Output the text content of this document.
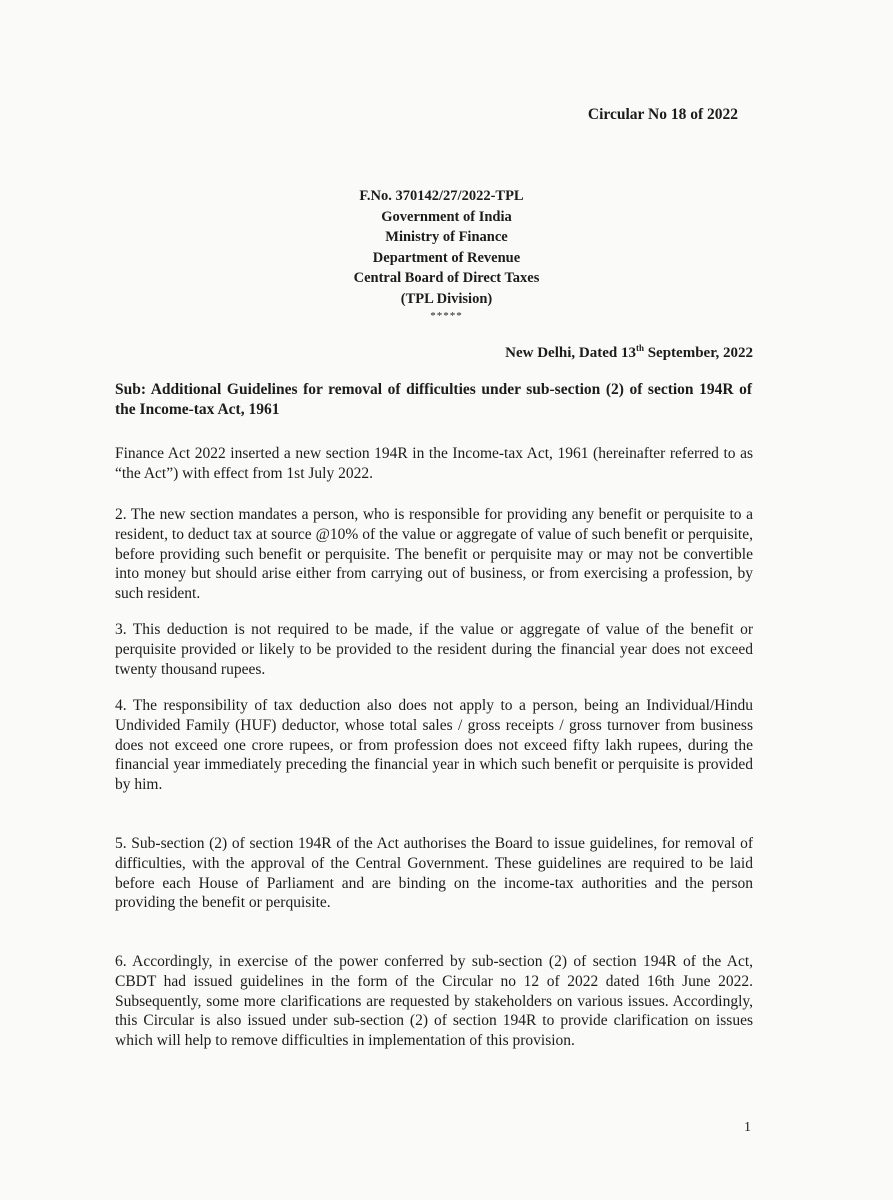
Circular No 18 of 2022
F.No. 370142/27/2022-TPL
Government of India
Ministry of Finance
Department of Revenue
Central Board of Direct Taxes
(TPL Division)
*****
New Delhi, Dated 13th September, 2022
Sub: Additional Guidelines for removal of difficulties under sub-section (2) of section 194R of the Income-tax Act, 1961
Finance Act 2022 inserted a new section 194R in the Income-tax Act, 1961 (hereinafter referred to as “the Act”) with effect from 1st July 2022.
2. The new section mandates a person, who is responsible for providing any benefit or perquisite to a resident, to deduct tax at source @10% of the value or aggregate of value of such benefit or perquisite, before providing such benefit or perquisite. The benefit or perquisite may or may not be convertible into money but should arise either from carrying out of business, or from exercising a profession, by such resident.
3. This deduction is not required to be made, if the value or aggregate of value of the benefit or perquisite provided or likely to be provided to the resident during the financial year does not exceed twenty thousand rupees.
4. The responsibility of tax deduction also does not apply to a person, being an Individual/Hindu Undivided Family (HUF) deductor, whose total sales / gross receipts / gross turnover from business does not exceed one crore rupees, or from profession does not exceed fifty lakh rupees, during the financial year immediately preceding the financial year in which such benefit or perquisite is provided by him.
5. Sub-section (2) of section 194R of the Act authorises the Board to issue guidelines, for removal of difficulties, with the approval of the Central Government. These guidelines are required to be laid before each House of Parliament and are binding on the income-tax authorities and the person providing the benefit or perquisite.
6. Accordingly, in exercise of the power conferred by sub-section (2) of section 194R of the Act, CBDT had issued guidelines in the form of the Circular no 12 of 2022 dated 16th June 2022. Subsequently, some more clarifications are requested by stakeholders on various issues. Accordingly, this Circular is also issued under sub-section (2) of section 194R to provide clarification on issues which will help to remove difficulties in implementation of this provision.
1
